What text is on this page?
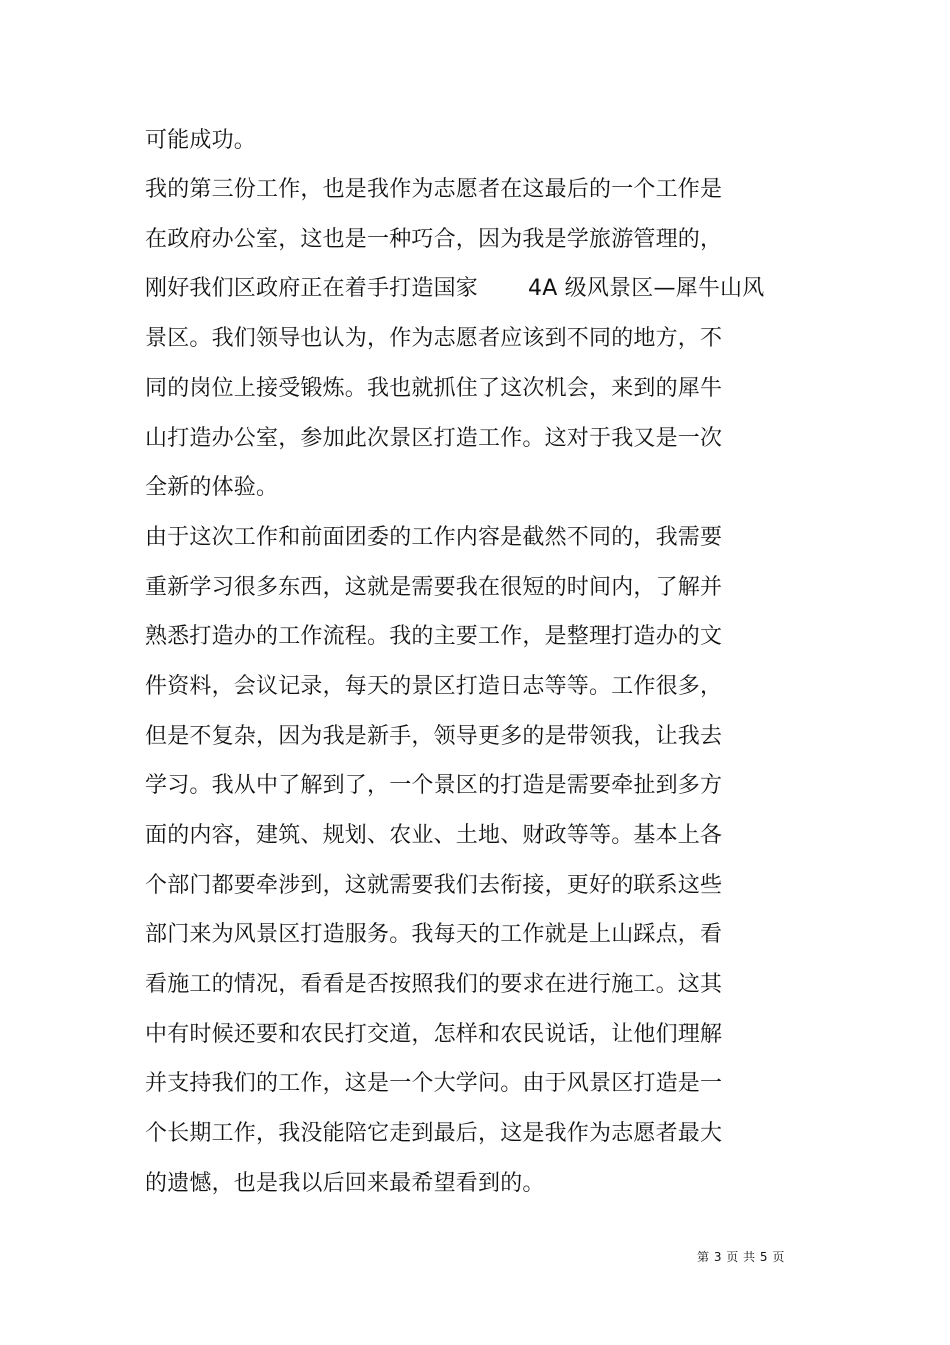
可能成功。
我的第三份工作，也是我作为志愿者在这最后的一个工作是
在政府办公室，这也是一种巧合，因为我是学旅游管理的，
刚好我们区政府正在着手打造国家 4A 级风景区—犀牛山风
景区。我们领导也认为，作为志愿者应该到不同的地方，不
同的岗位上接受锻炼。我也就抓住了这次机会，来到的犀牛
山打造办公室，参加此次景区打造工作。这对于我又是一次
全新的体验。
由于这次工作和前面团委的工作内容是截然不同的，我需要
重新学习很多东西，这就是需要我在很短的时间内，了解并
熟悉打造办的工作流程。我的主要工作，是整理打造办的文
件资料，会议记录，每天的景区打造日志等等。工作很多，
但是不复杂，因为我是新手，领导更多的是带领我，让我去
学习。我从中了解到了，一个景区的打造是需要牵扯到多方
面的内容，建筑、规划、农业、土地、财政等等。基本上各
个部门都要牵涉到，这就需要我们去衔接，更好的联系这些
部门来为风景区打造服务。我每天的工作就是上山踩点，看
看施工的情况，看看是否按照我们的要求在进行施工。这其
中有时候还要和农民打交道，怎样和农民说话，让他们理解
并支持我们的工作，这是一个大学问。由于风景区打造是一
个长期工作，我没能陪它走到最后，这是我作为志愿者最大
的遗憾，也是我以后回来最希望看到的。
第 3 页 共 5 页
